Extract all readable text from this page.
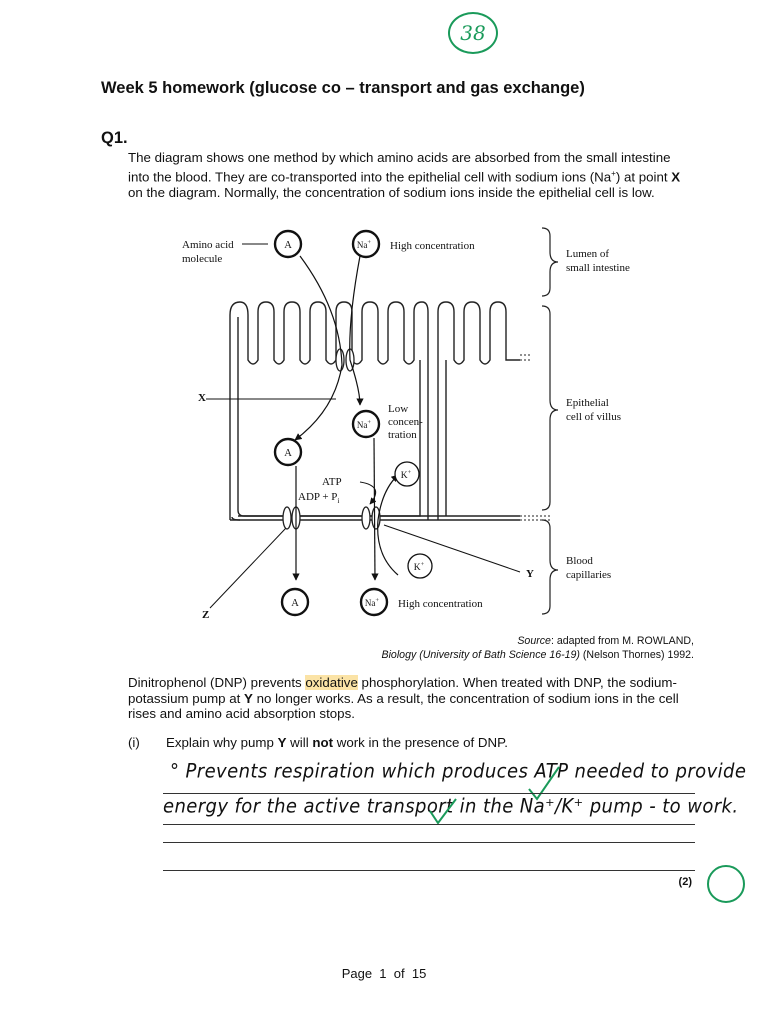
38
Week 5 homework (glucose co – transport and gas exchange)
Q1.
The diagram shows one method by which amino acids are absorbed from the small intestine into the blood. They are co-transported into the epithelial cell with sodium ions (Na+) at point X on the diagram. Normally, the concentration of sodium ions inside the epithelial cell is low.
A
A
A
Na+
Na+
Na+
K+
K+
Amino acid
molecule
High concentration
Low
concen-
tration
ATP
ADP + $P_i$
High concentration
X
Y
Z
Lumen of
small intestine
Epithelial
cell of villus
Blood
capillaries
Source: adapted from M. ROWLAND,
Biology (University of Bath Science 16-19) (Nelson Thornes) 1992.
Dinitrophenol (DNP) prevents oxidative phosphorylation. When treated with DNP, the sodium-potassium pump at Y no longer works. As a result, the concentration of sodium ions in the cell rises and amino acid absorption stops.
(i) Explain why pump Y will not work in the presence of DNP.
° Prevents respiration which produces ATP needed to provide
energy for the active transport in the Na⁺/K⁺ pump - to work.
(2)
Page 1 of 15
